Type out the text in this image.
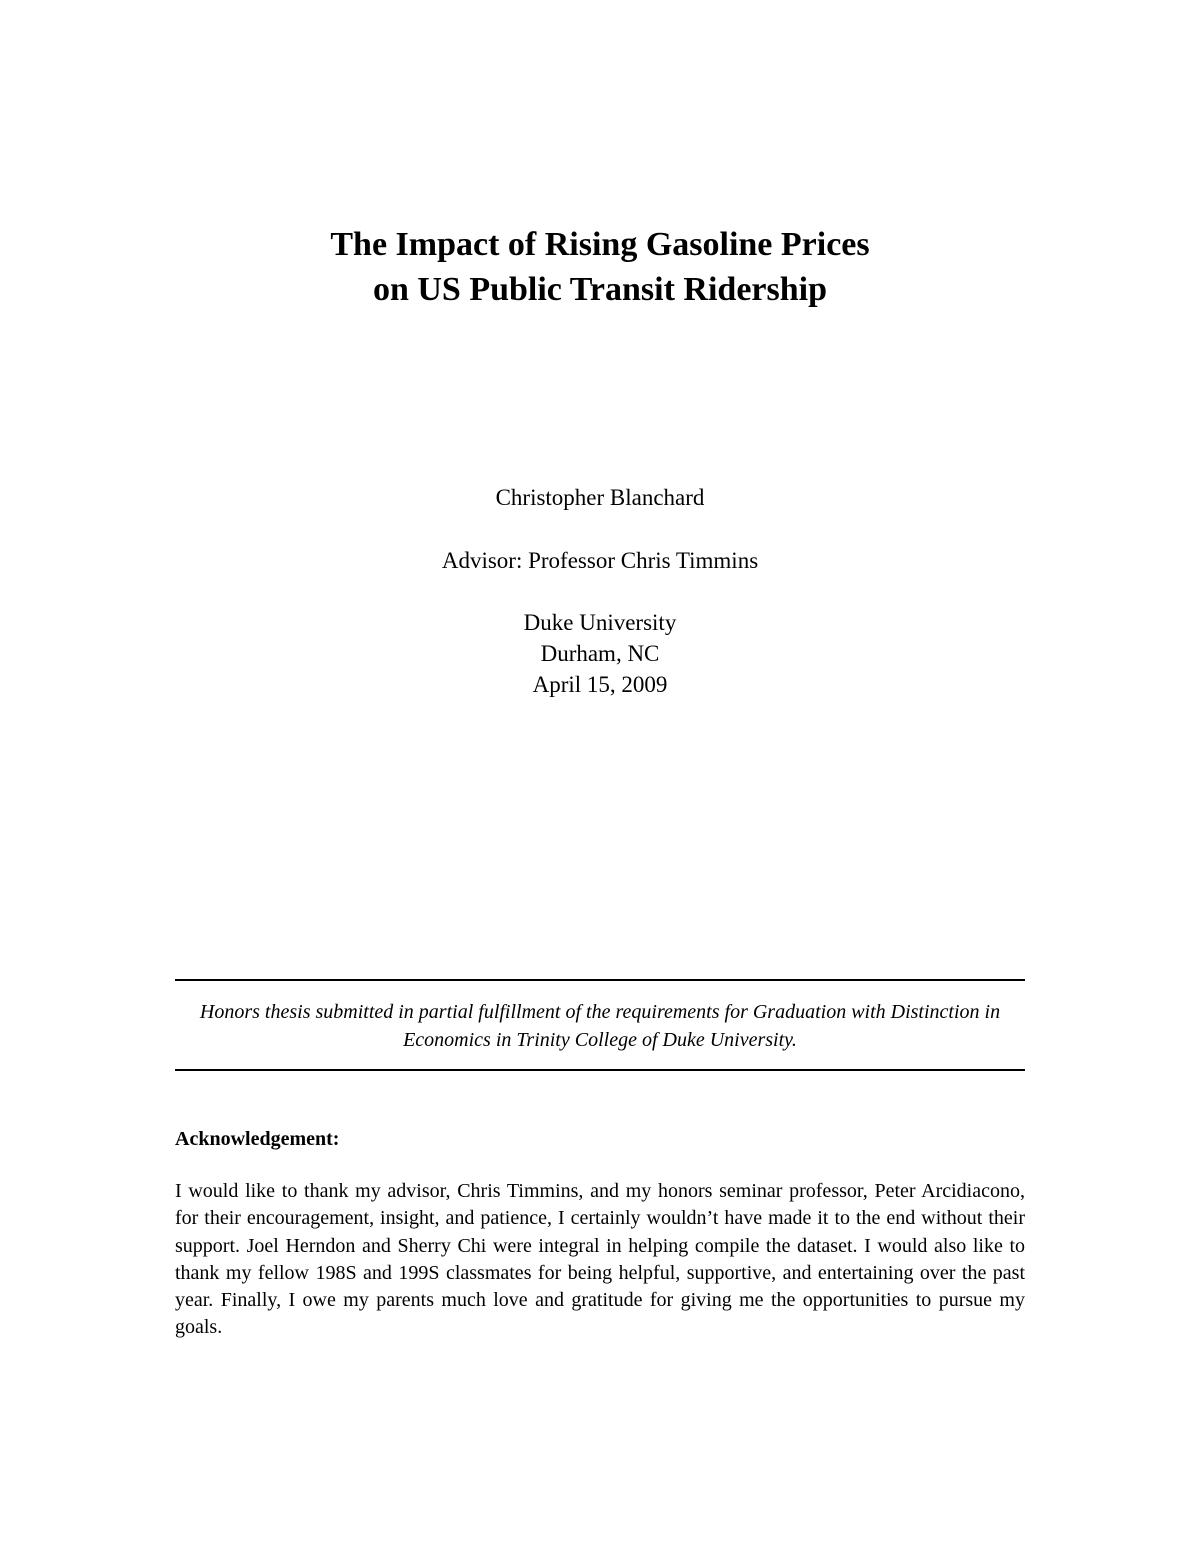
The Impact of Rising Gasoline Prices
on US Public Transit Ridership
Christopher Blanchard
Advisor: Professor Chris Timmins
Duke University
Durham, NC
April 15, 2009
Honors thesis submitted in partial fulfillment of the requirements for Graduation with Distinction in Economics in Trinity College of Duke University.
Acknowledgement:

I would like to thank my advisor, Chris Timmins, and my honors seminar professor, Peter Arcidiacono, for their encouragement, insight, and patience, I certainly wouldn’t have made it to the end without their support. Joel Herndon and Sherry Chi were integral in helping compile the dataset. I would also like to thank my fellow 198S and 199S classmates for being helpful, supportive, and entertaining over the past year. Finally, I owe my parents much love and gratitude for giving me the opportunities to pursue my goals.
